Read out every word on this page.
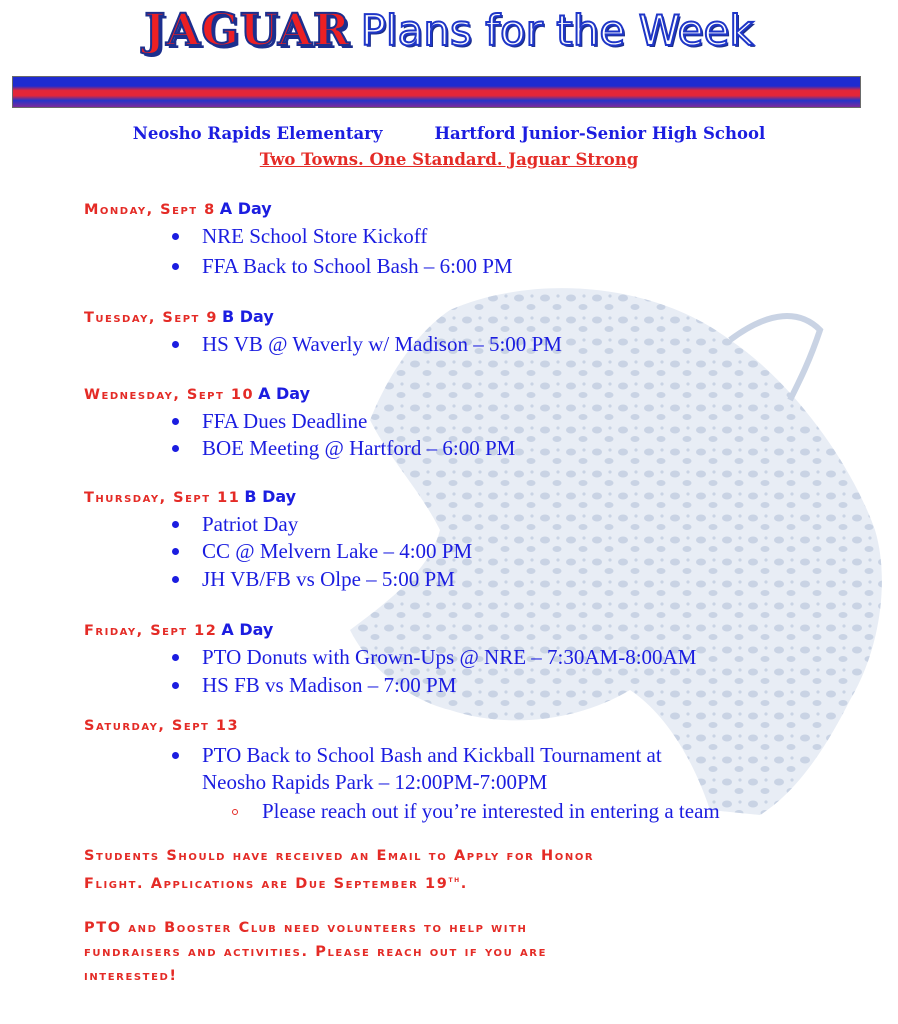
JAGUAR Plans for the Week
Neosho Rapids Elementary	Hartford Junior-Senior High School
Two Towns. One Standard. Jaguar Strong
Monday, Sept 8 A Day
NRE School Store Kickoff
FFA Back to School Bash – 6:00 PM
Tuesday, Sept 9 B Day
HS VB @ Waverly w/ Madison – 5:00 PM
Wednesday, Sept 10 A Day
FFA Dues Deadline
BOE Meeting @ Hartford – 6:00 PM
Thursday, Sept 11 B Day
Patriot Day
CC @ Melvern Lake – 4:00 PM
JH VB/FB vs Olpe – 5:00 PM
Friday, Sept 12 A Day
PTO Donuts with Grown-Ups @ NRE – 7:30AM-8:00AM
HS FB vs Madison – 7:00 PM
Saturday, Sept 13
PTO Back to School Bash and Kickball Tournament at
Neosho Rapids Park – 12:00PM-7:00PM
Please reach out if you’re interested in entering a team
Students Should have received an Email to Apply for Honor
Flight. Applications are Due September 19th.
PTO and Booster Club need volunteers to help with
fundraisers and activities. Please reach out if you are
interested!
